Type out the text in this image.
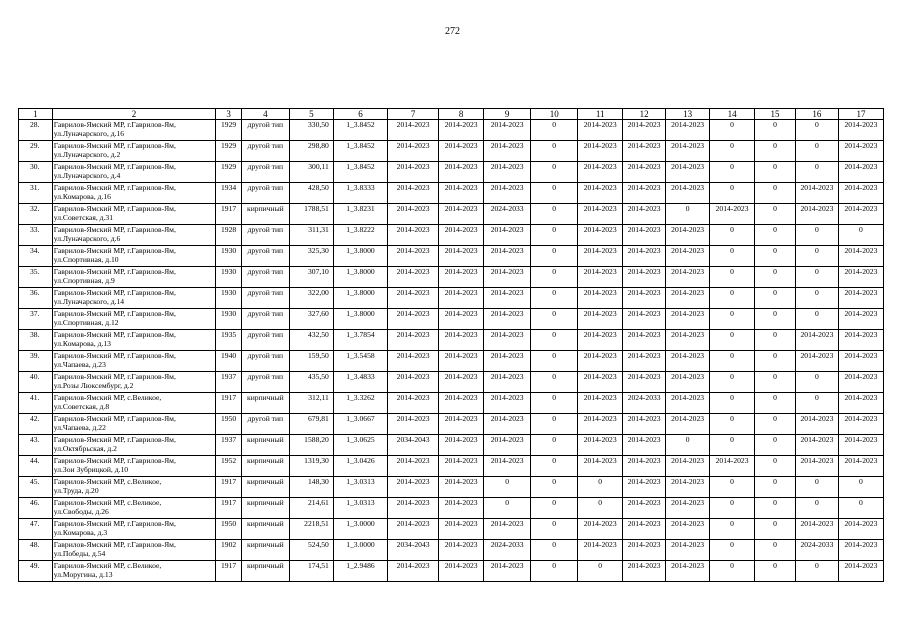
272
1	2	3	4	5	6	7	8	9	10	11	12	13	14	15	16	17
28.	Гаврилов-Ямский МР, г.Гаврилов-Ям,
ул.Луначарского, д.16	1929	другой тип	330,50	1_3.8452	2014-2023	2014-2023	2014-2023	0	2014-2023	2014-2023	2014-2023	0	0	0	2014-2023
29.	Гаврилов-Ямский МР, г.Гаврилов-Ям,
ул.Луначарского, д.2	1929	другой тип	298,80	1_3.8452	2014-2023	2014-2023	2014-2023	0	2014-2023	2014-2023	2014-2023	0	0	0	2014-2023
30.	Гаврилов-Ямский МР, г.Гаврилов-Ям,
ул.Луначарского, д.4	1929	другой тип	300,11	1_3.8452	2014-2023	2014-2023	2014-2023	0	2014-2023	2014-2023	2014-2023	0	0	0	2014-2023
31.	Гаврилов-Ямский МР, г.Гаврилов-Ям,
ул.Комарова, д.16	1934	другой тип	428,50	1_3.8333	2014-2023	2014-2023	2014-2023	0	2014-2023	2014-2023	2014-2023	0	0	2014-2023	2014-2023
32.	Гаврилов-Ямский МР, г.Гаврилов-Ям,
ул.Советская, д.31	1917	кирпичный	1788,51	1_3.8231	2014-2023	2014-2023	2024-2033	0	2014-2023	2014-2023	0	2014-2023	0	2014-2023	2014-2023
33.	Гаврилов-Ямский МР, г.Гаврилов-Ям,
ул.Луначарского, д.6	1928	другой тип	311,31	1_3.8222	2014-2023	2014-2023	2014-2023	0	2014-2023	2014-2023	2014-2023	0	0	0	0
34.	Гаврилов-Ямский МР, г.Гаврилов-Ям,
ул.Спортивная, д.10	1930	другой тип	325,30	1_3.8000	2014-2023	2014-2023	2014-2023	0	2014-2023	2014-2023	2014-2023	0	0	0	2014-2023
35.	Гаврилов-Ямский МР, г.Гаврилов-Ям,
ул.Спортивная, д.9	1930	другой тип	307,10	1_3.8000	2014-2023	2014-2023	2014-2023	0	2014-2023	2014-2023	2014-2023	0	0	0	2014-2023
36.	Гаврилов-Ямский МР, г.Гаврилов-Ям,
ул.Луначарского, д.14	1930	другой тип	322,00	1_3.8000	2014-2023	2014-2023	2014-2023	0	2014-2023	2014-2023	2014-2023	0	0	0	2014-2023
37.	Гаврилов-Ямский МР, г.Гаврилов-Ям,
ул.Спортивная, д.12	1930	другой тип	327,60	1_3.8000	2014-2023	2014-2023	2014-2023	0	2014-2023	2014-2023	2014-2023	0	0	0	2014-2023
38.	Гаврилов-Ямский МР, г.Гаврилов-Ям,
ул.Комарова, д.13	1935	другой тип	432,50	1_3.7854	2014-2023	2014-2023	2014-2023	0	2014-2023	2014-2023	2014-2023	0	0	2014-2023	2014-2023
39.	Гаврилов-Ямский МР, г.Гаврилов-Ям,
ул.Чапаева, д.23	1940	другой тип	159,50	1_3.5458	2014-2023	2014-2023	2014-2023	0	2014-2023	2014-2023	2014-2023	0	0	2014-2023	2014-2023
40.	Гаврилов-Ямский МР, г.Гаврилов-Ям,
ул.Розы Люксембург, д.2	1937	другой тип	435,50	1_3.4833	2014-2023	2014-2023	2014-2023	0	2014-2023	2014-2023	2014-2023	0	0	0	2014-2023
41.	Гаврилов-Ямский МР, с.Великое,
ул.Советская, д.8	1917	кирпичный	312,11	1_3.3262	2014-2023	2014-2023	2014-2023	0	2014-2023	2024-2033	2014-2023	0	0	0	2014-2023
42.	Гаврилов-Ямский МР, г.Гаврилов-Ям,
ул.Чапаева, д.22	1950	другой тип	679,81	1_3.0667	2014-2023	2014-2023	2014-2023	0	2014-2023	2014-2023	2014-2023	0	0	2014-2023	2014-2023
43.	Гаврилов-Ямский МР, г.Гаврилов-Ям,
ул.Октябрьская, д.2	1937	кирпичный	1588,20	1_3.0625	2034-2043	2014-2023	2014-2023	0	2014-2023	2014-2023	0	0	0	2014-2023	2014-2023
44.	Гаврилов-Ямский МР, г.Гаврилов-Ям,
ул.Зои Зубрицкой, д.10	1952	кирпичный	1319,30	1_3.0426	2014-2023	2014-2023	2014-2023	0	2014-2023	2014-2023	2014-2023	2014-2023	0	2014-2023	2014-2023
45.	Гаврилов-Ямский МР, с.Великое,
ул.Труда, д.20	1917	кирпичный	148,30	1_3.0313	2014-2023	2014-2023	0	0	0	2014-2023	2014-2023	0	0	0	0
46.	Гаврилов-Ямский МР, с.Великое,
ул.Свободы, д.26	1917	кирпичный	214,61	1_3.0313	2014-2023	2014-2023	0	0	0	2014-2023	2014-2023	0	0	0	0
47.	Гаврилов-Ямский МР, г.Гаврилов-Ям,
ул.Комарова, д.3	1950	кирпичный	2218,51	1_3.0000	2014-2023	2014-2023	2014-2023	0	2014-2023	2014-2023	2014-2023	0	0	2014-2023	2014-2023
48.	Гаврилов-Ямский МР, г.Гаврилов-Ям,
ул.Победы, д.54	1902	кирпичный	524,50	1_3.0000	2034-2043	2014-2023	2024-2033	0	2014-2023	2014-2023	2014-2023	0	0	2024-2033	2014-2023
49.	Гаврилов-Ямский МР, с.Великое,
ул.Моругина, д.13	1917	кирпичный	174,51	1_2.9486	2014-2023	2014-2023	2014-2023	0	0	2014-2023	2014-2023	0	0	0	2014-2023
